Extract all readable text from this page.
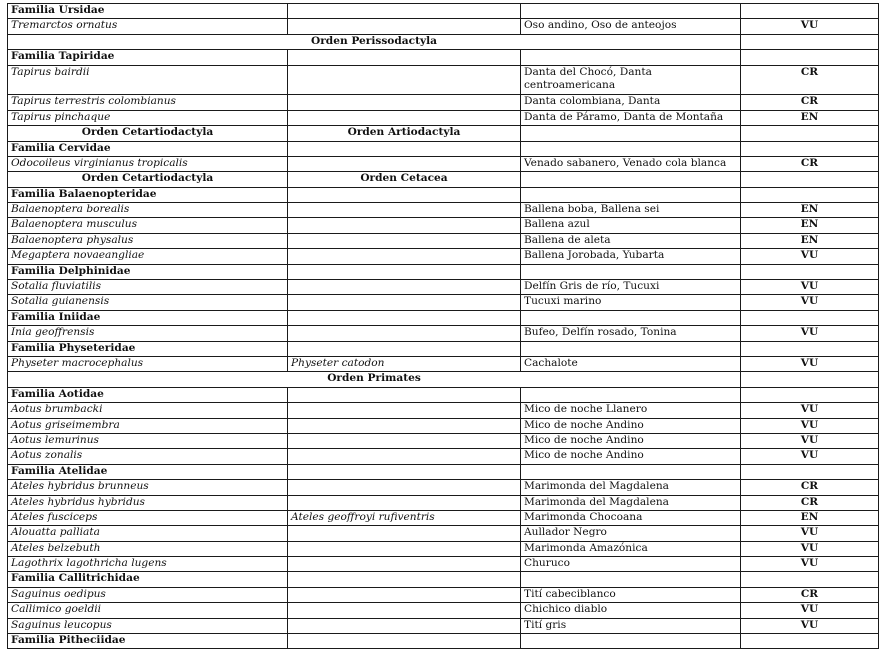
Familia Ursidae			
Tremarctos ornatus		Oso andino, Oso de anteojos	VU
Orden Perissodactyla			
Familia Tapiridae			
Tapirus bairdii		Danta del Chocó, Danta centroamericana	CR
Tapirus terrestris colombianus		Danta colombiana, Danta	CR
Tapirus pinchaque		Danta de Páramo, Danta de Montaña	EN
Orden Cetartiodactyla	Orden Artiodactyla		
Familia Cervidae			
Odocoileus virginianus tropicalis		Venado sabanero, Venado cola blanca	CR
Orden Cetartiodactyla	Orden Cetacea		
Familia Balaenopteridae			
Balaenoptera borealis		Ballena boba, Ballena sei	EN
Balaenoptera musculus		Ballena azul	EN
Balaenoptera physalus		Ballena de aleta	EN
Megaptera novaeangliae		Ballena Jorobada, Yubarta	VU
Familia Delphinidae			
Sotalia fluviatilis		Delfín Gris de río, Tucuxi	VU
Sotalia guianensis		Tucuxi marino	VU
Familia Iniidae			
Inia geoffrensis		Bufeo, Delfín rosado, Tonina	VU
Familia Physeteridae			
Physeter macrocephalus	Physeter catodon	Cachalote	VU
Orden Primates			
Familia Aotidae			
Aotus brumbacki		Mico de noche Llanero	VU
Aotus griseimembra		Mico de noche Andino	VU
Aotus lemurinus		Mico de noche Andino	VU
Aotus zonalis		Mico de noche Andino	VU
Familia Atelidae			
Ateles hybridus brunneus		Marimonda del Magdalena	CR
Ateles hybridus hybridus		Marimonda del Magdalena	CR
Ateles fusciceps	Ateles geoffroyi rufiventris	Marimonda Chocoana	EN
Alouatta palliata		Aullador Negro	VU
Ateles belzebuth		Marimonda Amazónica	VU
Lagothrix lagothricha lugens		Churuco	VU
Familia Callitrichidae			
Saguinus oedipus		Tití cabeciblanco	CR
Callimico goeldii		Chichico diablo	VU
Saguinus leucopus		Tití gris	VU
Familia Pitheciidae			
